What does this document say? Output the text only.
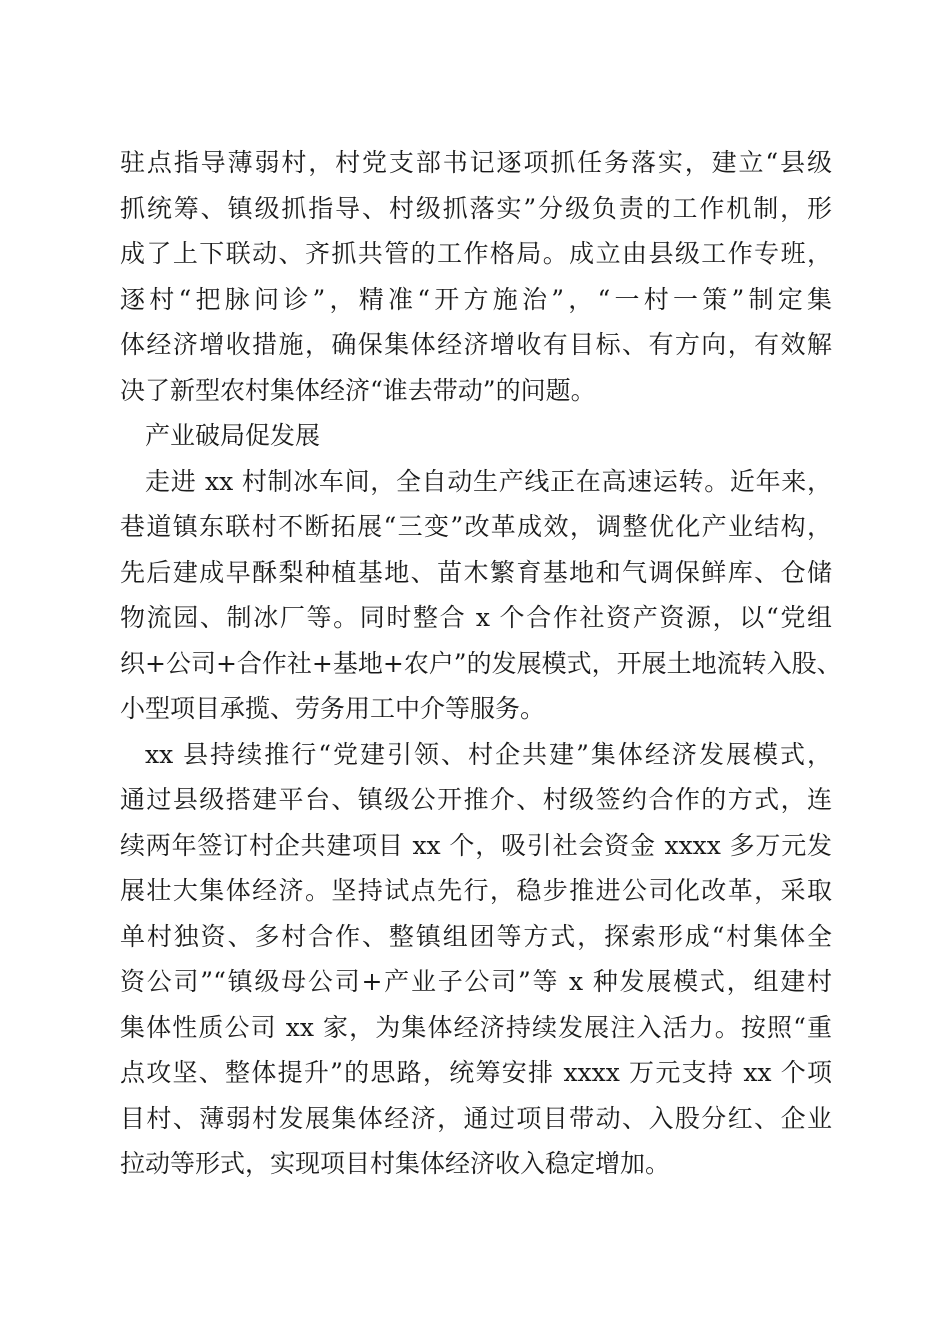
驻点指导薄弱村，村党支部书记逐项抓任务落实，建立“县级
抓统筹、镇级抓指导、村级抓落实”分级负责的工作机制，形
成了上下联动、齐抓共管的工作格局。成立由县级工作专班，
逐村“把脉问诊”，精准“开方施治”，“一村一策”制定集
体经济增收措施，确保集体经济增收有目标、有方向，有效解
决了新型农村集体经济“谁去带动”的问题。
产业破局促发展
走进 xx 村制冰车间，全自动生产线正在高速运转。近年来，
巷道镇东联村不断拓展“三变”改革成效，调整优化产业结构，
先后建成早酥梨种植基地、苗木繁育基地和气调保鲜库、仓储
物流园、制冰厂等。同时整合 x 个合作社资产资源，以“党组
织+公司+合作社+基地+农户”的发展模式，开展土地流转入股、
小型项目承揽、劳务用工中介等服务。
xx 县持续推行“党建引领、村企共建”集体经济发展模式，
通过县级搭建平台、镇级公开推介、村级签约合作的方式，连
续两年签订村企共建项目 xx 个，吸引社会资金 xxxx 多万元发
展壮大集体经济。坚持试点先行，稳步推进公司化改革，采取
单村独资、多村合作、整镇组团等方式，探索形成“村集体全
资公司”“镇级母公司+产业子公司”等 x 种发展模式，组建村
集体性质公司 xx 家，为集体经济持续发展注入活力。按照“重
点攻坚、整体提升”的思路，统筹安排 xxxx 万元支持 xx 个项
目村、薄弱村发展集体经济，通过项目带动、入股分红、企业
拉动等形式，实现项目村集体经济收入稳定增加。
